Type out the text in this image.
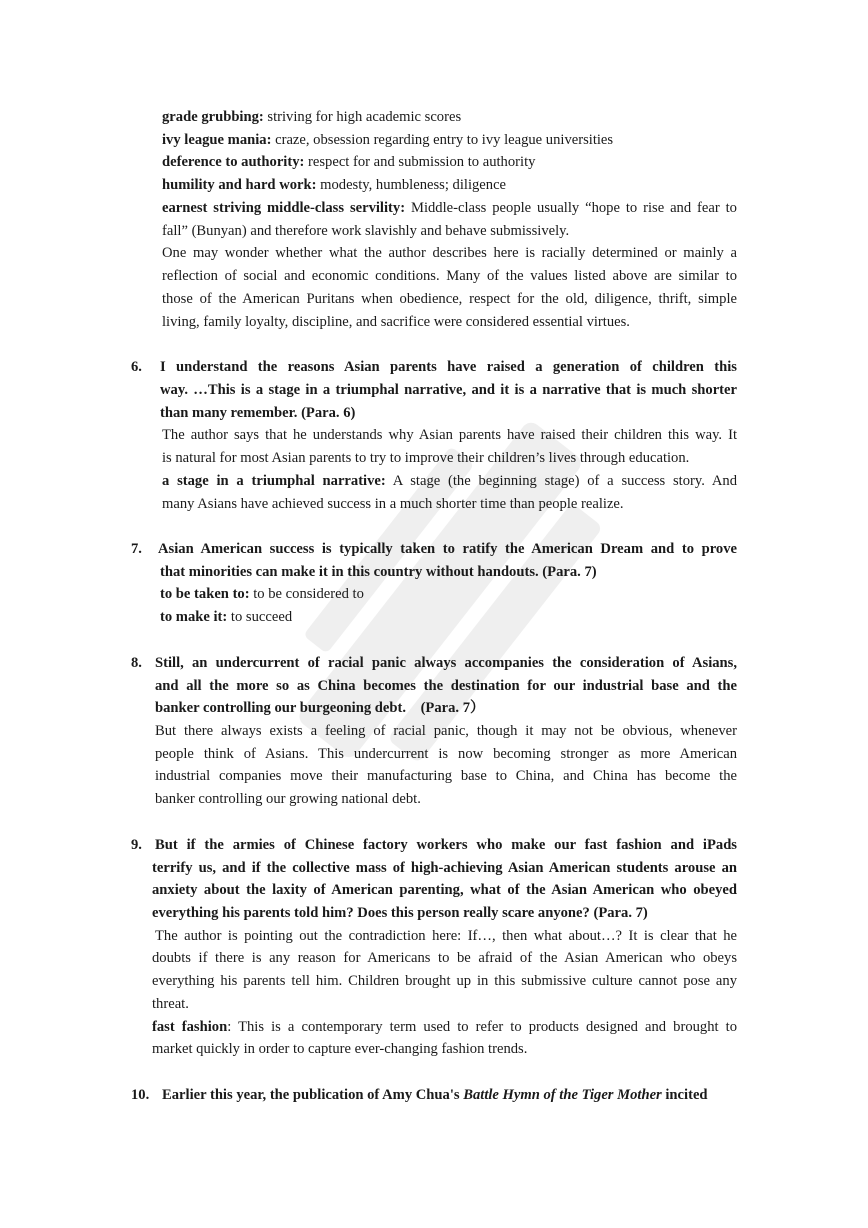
grade grubbing: striving for high academic scores
ivy league mania: craze, obsession regarding entry to ivy league universities
deference to authority: respect for and submission to authority
humility and hard work: modesty, humbleness; diligence
earnest striving middle-class servility: Middle-class people usually “hope to rise and fear to
fall” (Bunyan) and therefore work slavishly and behave submissively.
One may wonder whether what the author describes here is racially determined or mainly a
reflection of social and economic conditions. Many of the values listed above are similar to
those of the American Puritans when obedience, respect for the old, diligence, thrift, simple
living, family loyalty, discipline, and sacrifice were considered essential virtues.
6. I understand the reasons Asian parents have raised a generation of children this
way. …This is a stage in a triumphal narrative, and it is a narrative that is much shorter
than many remember. (Para. 6)
The author says that he understands why Asian parents have raised their children this way. It
is natural for most Asian parents to try to improve their children’s lives through education.
a stage in a triumphal narrative: A stage (the beginning stage) of a success story. And
many Asians have achieved success in a much shorter time than people realize.
7. Asian American success is typically taken to ratify the American Dream and to prove
that minorities can make it in this country without handouts. (Para. 7)
to be taken to: to be considered to
to make it: to succeed
8. Still, an undercurrent of racial panic always accompanies the consideration of Asians,
and all the more so as China becomes the destination for our industrial base and the
banker controlling our burgeoning debt.　(Para. 7）
But there always exists a feeling of racial panic, though it may not be obvious, whenever
people think of Asians. This undercurrent is now becoming stronger as more American
industrial companies move their manufacturing base to China, and China has become the
banker controlling our growing national debt.
9. But if the armies of Chinese factory workers who make our fast fashion and iPads
terrify us, and if the collective mass of high-achieving Asian American students arouse an
anxiety about the laxity of American parenting, what of the Asian American who obeyed
everything his parents told him? Does this person really scare anyone? (Para. 7)
The author is pointing out the contradiction here: If…, then what about…? It is clear that he
doubts if there is any reason for Americans to be afraid of the Asian American who obeys
everything his parents tell him. Children brought up in this submissive culture cannot pose any
threat.
fast fashion: This is a contemporary term used to refer to products designed and brought to
market quickly in order to capture ever-changing fashion trends.
10. Earlier this year, the publication of Amy Chua's Battle Hymn of the Tiger Mother incited
